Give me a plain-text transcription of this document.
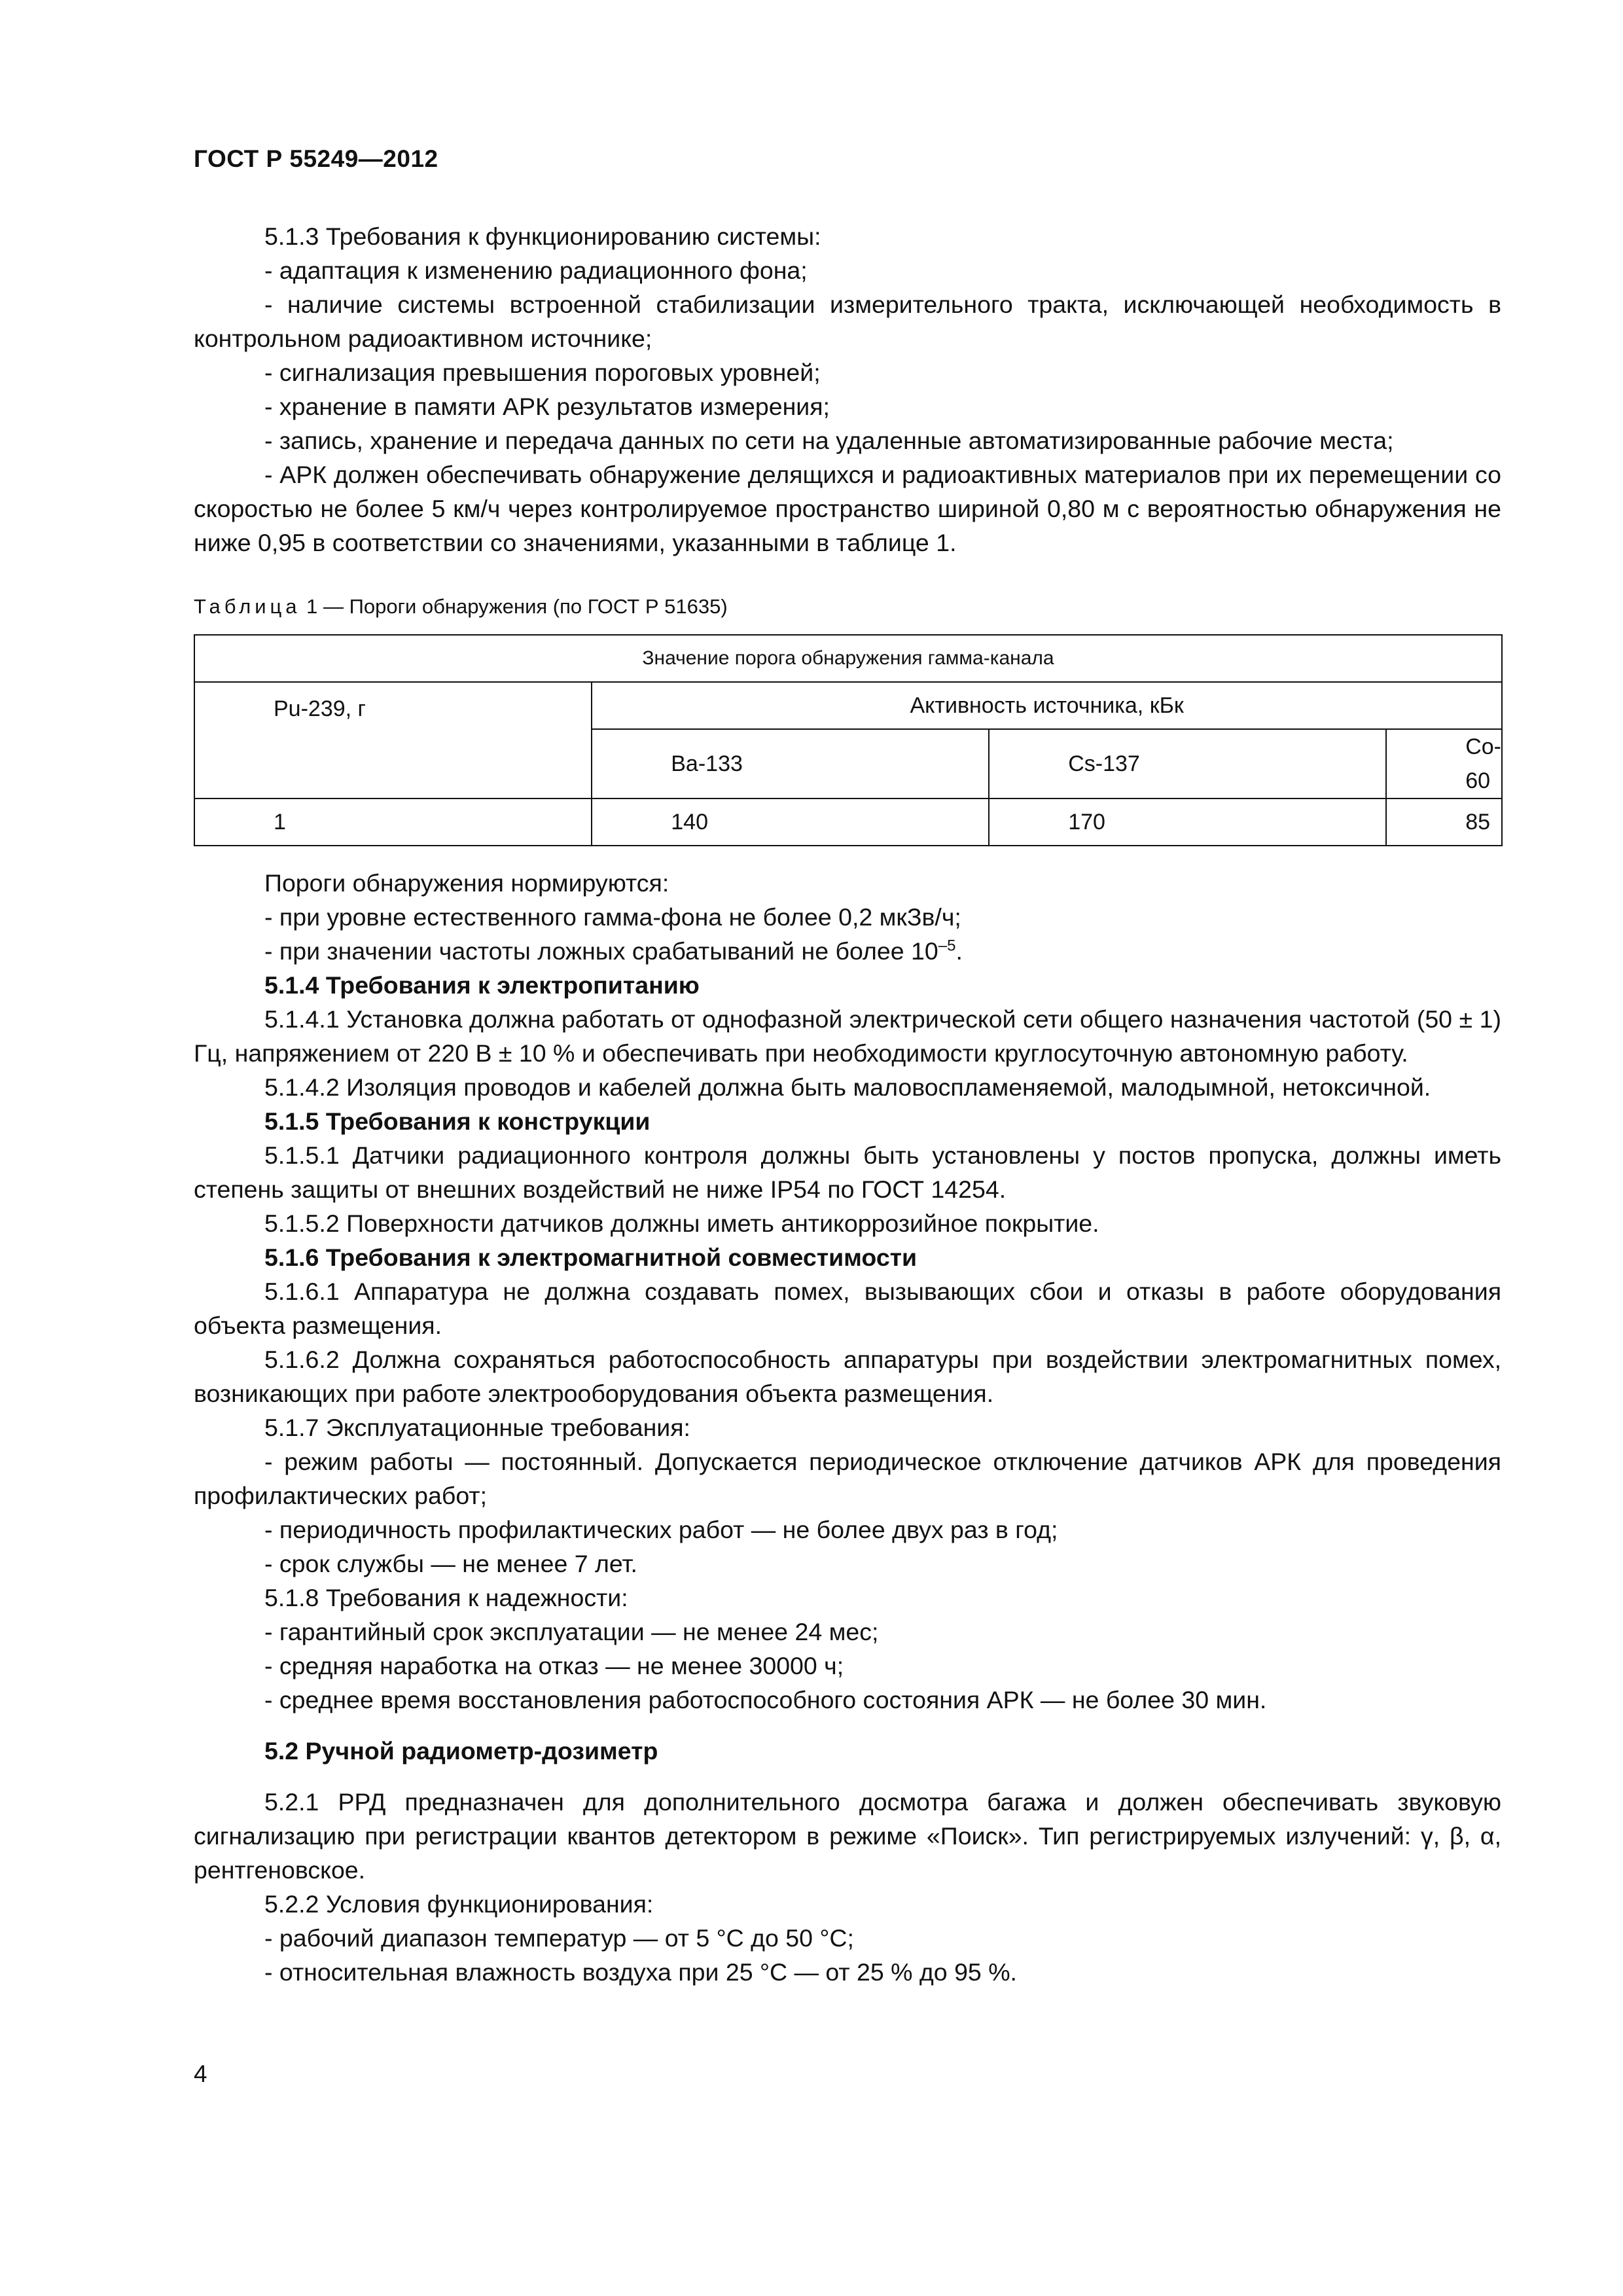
ГОСТ Р 55249—2012

5.1.3 Требования к функционированию системы:

- адаптация к изменению радиационного фона;

- наличие системы встроенной стабилизации измерительного тракта, исключающей необходимость в контрольном радиоактивном источнике;

- сигнализация превышения пороговых уровней;

- хранение в памяти АРК результатов измерения;

- запись, хранение и передача данных по сети на удаленные автоматизированные рабочие места;

- АРК должен обеспечивать обнаружение делящихся и радиоактивных материалов при их перемещении со скоростью не более 5 км/ч через контролируемое пространство шириной 0,80 м с вероятностью обнаружения не ниже 0,95 в соответствии со значениями, указанными в таблице 1.

Таблица 1 — Пороги обнаружения (по ГОСТ Р 51635)
Значение порога обнаружения гамма-канала			
Pu-239, г	Активность источника, кБк		
	Ba-133	Cs-137	Co-60
1	140	170	85

Пороги обнаружения нормируются:

- при уровне естественного гамма-фона не более 0,2 мкЗв/ч;

- при значении частоты ложных срабатываний не более $10^{-5}$.

5.1.4 Требования к электропитанию

5.1.4.1 Установка должна работать от однофазной электрической сети общего назначения частотой (50 ± 1) Гц, напряжением от 220 В ± 10 % и обеспечивать при необходимости круглосуточную автономную работу.

5.1.4.2 Изоляция проводов и кабелей должна быть маловоспламеняемой, малодымной, нетоксичной.

5.1.5 Требования к конструкции

5.1.5.1 Датчики радиационного контроля должны быть установлены у постов пропуска, должны иметь степень защиты от внешних воздействий не ниже IP54 по ГОСТ 14254.

5.1.5.2 Поверхности датчиков должны иметь антикоррозийное покрытие.

5.1.6 Требования к электромагнитной совместимости

5.1.6.1 Аппаратура не должна создавать помех, вызывающих сбои и отказы в работе оборудования объекта размещения.

5.1.6.2 Должна сохраняться работоспособность аппаратуры при воздействии электромагнитных помех, возникающих при работе электрооборудования объекта размещения.

5.1.7 Эксплуатационные требования:

- режим работы — постоянный. Допускается периодическое отключение датчиков АРК для проведения профилактических работ;

- периодичность профилактических работ — не более двух раз в год;

- срок службы — не менее 7 лет.

5.1.8 Требования к надежности:

- гарантийный срок эксплуатации — не менее 24 мес;

- средняя наработка на отказ — не менее 30000 ч;

- среднее время восстановления работоспособного состояния АРК — не более 30 мин.

5.2 Ручной радиометр-дозиметр

5.2.1 РРД предназначен для дополнительного досмотра багажа и должен обеспечивать звуковую сигнализацию при регистрации квантов детектором в режиме «Поиск». Тип регистрируемых излучений: γ, β, α, рентгеновское.

5.2.2 Условия функционирования:

- рабочий диапазон температур — от 5 °С до 50 °С;

- относительная влажность воздуха при 25 °С — от 25 % до 95 %.

4
